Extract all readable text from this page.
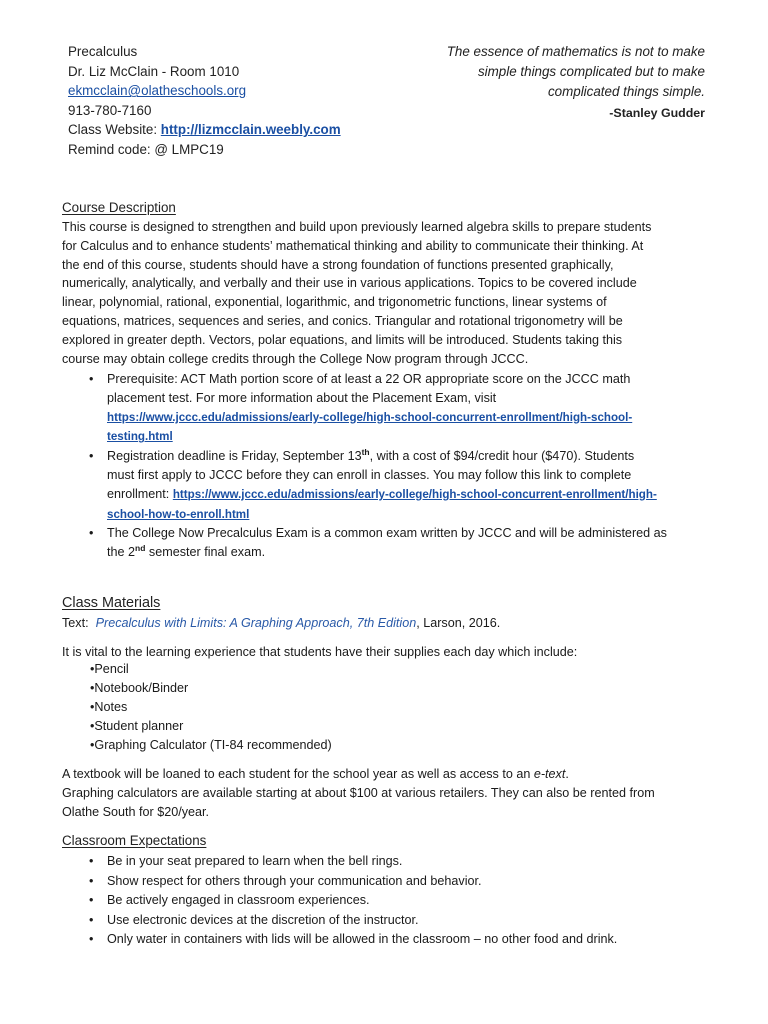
Precalculus
Dr. Liz McClain - Room 1010
ekmcclain@olatheschools.org
913-780-7160
Class Website: http://lizmcclain.weebly.com
Remind code: @ LMPC19
The essence of mathematics is not to make
simple things complicated but to make
complicated things simple.
-Stanley Gudder
Course Description
This course is designed to strengthen and build upon previously learned algebra skills to prepare students
for Calculus and to enhance students’ mathematical thinking and ability to communicate their thinking. At
the end of this course, students should have a strong foundation of functions presented graphically,
numerically, analytically, and verbally and their use in various applications. Topics to be covered include
linear, polynomial, rational, exponential, logarithmic, and trigonometric functions, linear systems of
equations, matrices, sequences and series, and conics. Triangular and rotational trigonometry will be
explored in greater depth. Vectors, polar equations, and limits will be introduced. Students taking this
course may obtain college credits through the College Now program through JCCC.
• Prerequisite: ACT Math portion score of at least a 22 OR appropriate score on the JCCC math
placement test. For more information about the Placement Exam, visit
https://www.jccc.edu/admissions/early-college/high-school-concurrent-enrollment/high-school-
testing.html
• Registration deadline is Friday, September 13th, with a cost of $94/credit hour ($470). Students
must first apply to JCCC before they can enroll in classes. You may follow this link to complete
enrollment: https://www.jccc.edu/admissions/early-college/high-school-concurrent-enrollment/high-
school-how-to-enroll.html
• The College Now Precalculus Exam is a common exam written by JCCC and will be administered as
the 2nd semester final exam.
Class Materials
Text: Precalculus with Limits: A Graphing Approach, 7th Edition, Larson, 2016.
It is vital to the learning experience that students have their supplies each day which include:
•Pencil
•Notebook/Binder
•Notes
•Student planner
•Graphing Calculator (TI-84 recommended)
A textbook will be loaned to each student for the school year as well as access to an e-text.
Graphing calculators are available starting at about $100 at various retailers. They can also be rented from
Olathe South for $20/year.
Classroom Expectations
• Be in your seat prepared to learn when the bell rings.
• Show respect for others through your communication and behavior.
• Be actively engaged in classroom experiences.
• Use electronic devices at the discretion of the instructor.
• Only water in containers with lids will be allowed in the classroom – no other food and drink.
